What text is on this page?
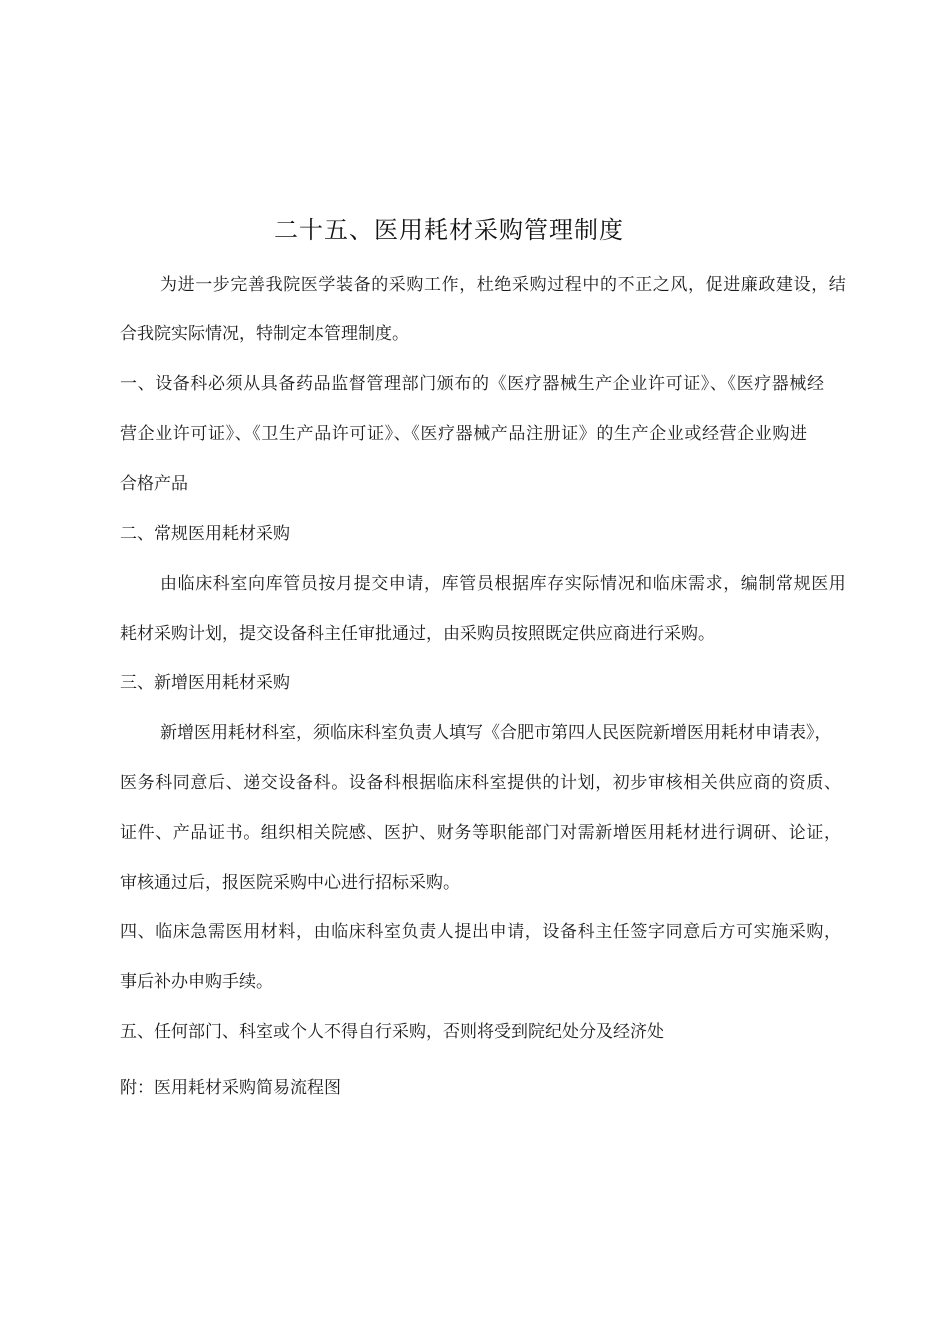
二十五、医用耗材采购管理制度
为进一步完善我院医学装备的采购工作，杜绝采购过程中的不正之风，促进廉政建设，结
合我院实际情况，特制定本管理制度。
一、设备科必须从具备药品监督管理部门颁布的《医疗器械生产企业许可证》、《医疗器械经
营企业许可证》、《卫生产品许可证》、《医疗器械产品注册证》的生产企业或经营企业购进
合格产品
二、常规医用耗材采购
由临床科室向库管员按月提交申请，库管员根据库存实际情况和临床需求，编制常规医用
耗材采购计划，提交设备科主任审批通过，由采购员按照既定供应商进行采购。
三、新增医用耗材采购
新增医用耗材科室，须临床科室负责人填写《合肥市第四人民医院新增医用耗材申请表》，
医务科同意后、递交设备科。设备科根据临床科室提供的计划，初步审核相关供应商的资质、
证件、产品证书。组织相关院感、医护、财务等职能部门对需新增医用耗材进行调研、论证，
审核通过后，报医院采购中心进行招标采购。
四、临床急需医用材料，由临床科室负责人提出申请，设备科主任签字同意后方可实施采购，
事后补办申购手续。
五、任何部门、科室或个人不得自行采购，否则将受到院纪处分及经济处
附：医用耗材采购简易流程图
